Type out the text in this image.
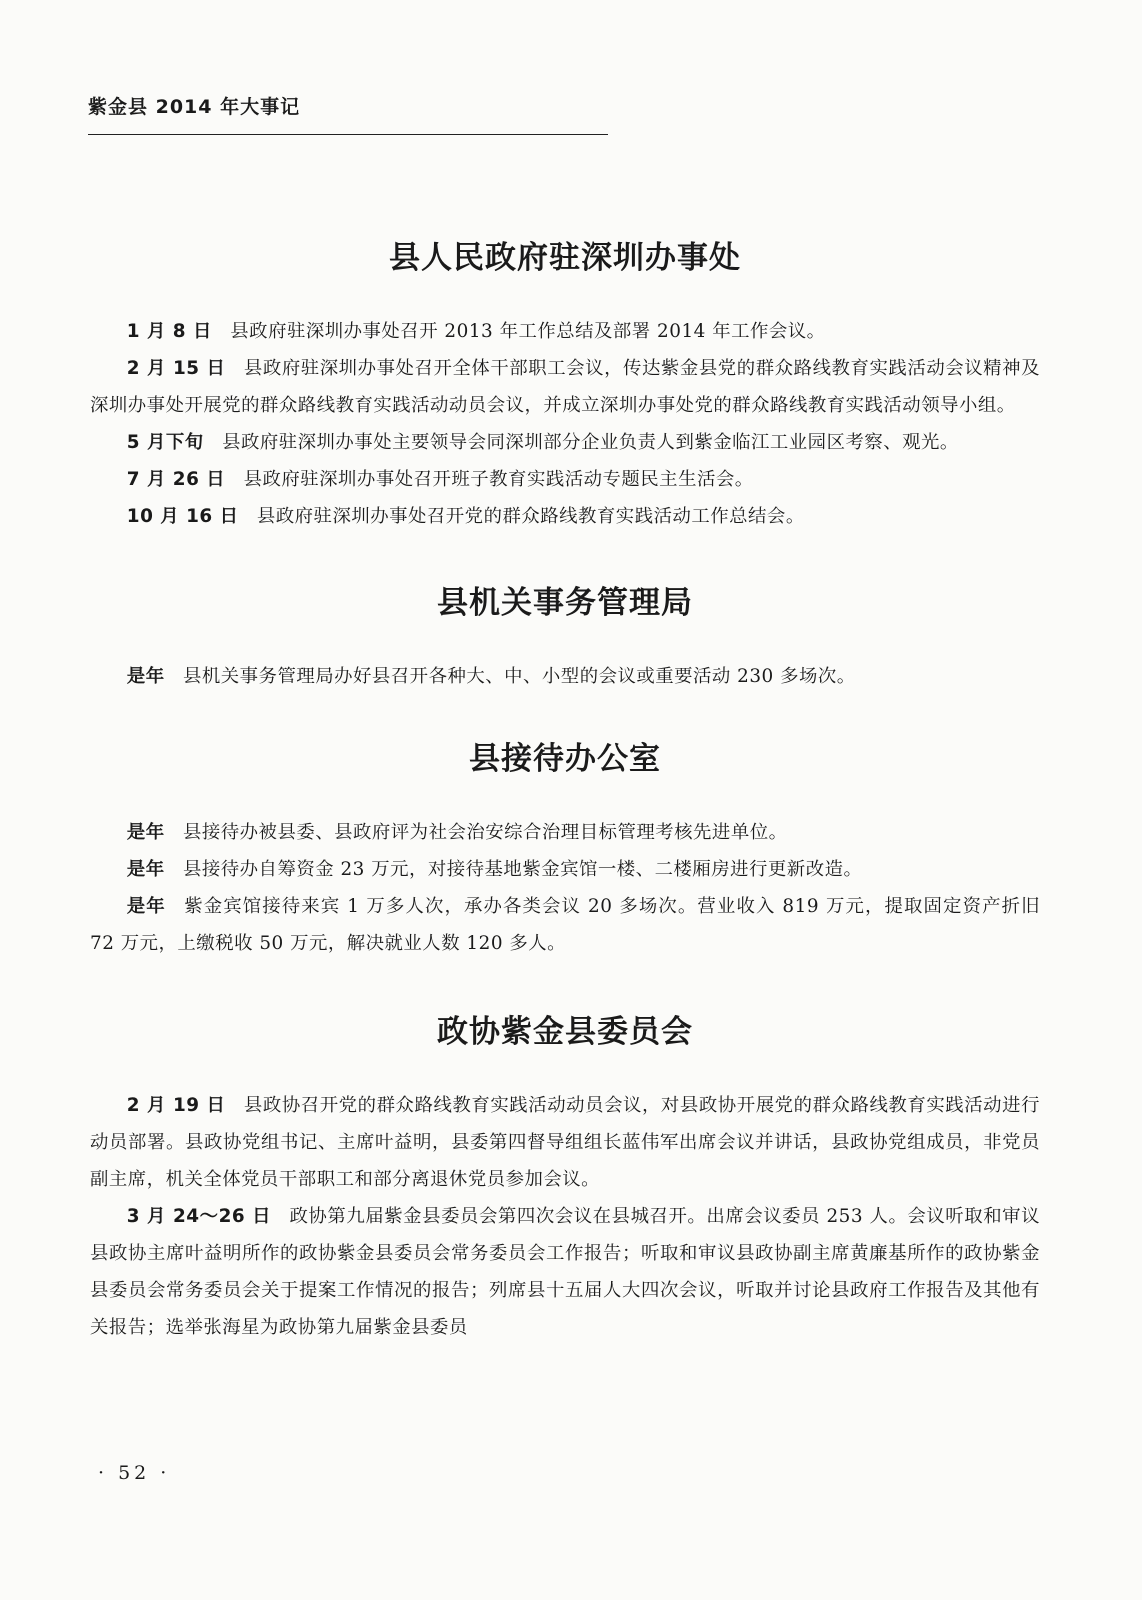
紫金县 2014 年大事记
县人民政府驻深圳办事处

1 月 8 日 县政府驻深圳办事处召开 2013 年工作总结及部署 2014 年工作会议。

2 月 15 日 县政府驻深圳办事处召开全体干部职工会议，传达紫金县党的群众路线教育实践活动会议精神及深圳办事处开展党的群众路线教育实践活动动员会议，并成立深圳办事处党的群众路线教育实践活动领导小组。

5 月下旬 县政府驻深圳办事处主要领导会同深圳部分企业负责人到紫金临江工业园区考察、观光。

7 月 26 日 县政府驻深圳办事处召开班子教育实践活动专题民主生活会。

10 月 16 日 县政府驻深圳办事处召开党的群众路线教育实践活动工作总结会。

县机关事务管理局

是年 县机关事务管理局办好县召开各种大、中、小型的会议或重要活动 230 多场次。

县接待办公室

是年 县接待办被县委、县政府评为社会治安综合治理目标管理考核先进单位。

是年 县接待办自筹资金 23 万元，对接待基地紫金宾馆一楼、二楼厢房进行更新改造。

是年 紫金宾馆接待来宾 1 万多人次，承办各类会议 20 多场次。营业收入 819 万元，提取固定资产折旧 72 万元，上缴税收 50 万元，解决就业人数 120 多人。

政协紫金县委员会

2 月 19 日 县政协召开党的群众路线教育实践活动动员会议，对县政协开展党的群众路线教育实践活动进行动员部署。县政协党组书记、主席叶益明，县委第四督导组组长蓝伟军出席会议并讲话，县政协党组成员，非党员副主席，机关全体党员干部职工和部分离退休党员参加会议。

3 月 24～26 日 政协第九届紫金县委员会第四次会议在县城召开。出席会议委员 253 人。会议听取和审议县政协主席叶益明所作的政协紫金县委员会常务委员会工作报告；听取和审议县政协副主席黄廉基所作的政协紫金县委员会常务委员会关于提案工作情况的报告；列席县十五届人大四次会议，听取并讨论县政府工作报告及其他有关报告；选举张海星为政协第九届紫金县委员

· 52 ·
